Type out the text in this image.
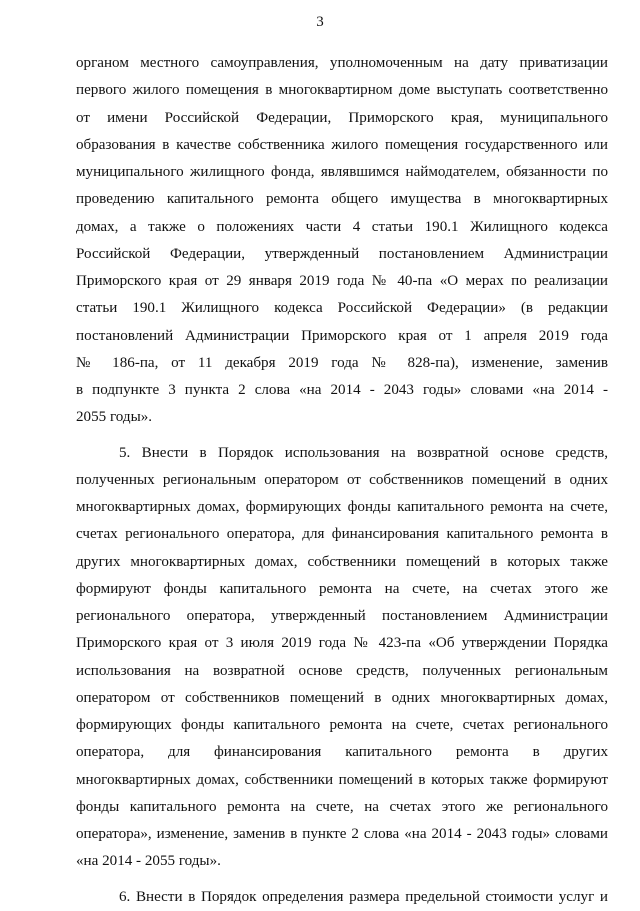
3
органом местного самоуправления, уполномоченным на дату приватизации
первого жилого помещения в многоквартирном доме выступать соответственно
от имени Российской Федерации, Приморского края, муниципального
образования в качестве собственника жилого помещения государственного или
муниципального жилищного фонда, являвшимся наймодателем, обязанности по
проведению капитального ремонта общего имущества в многоквартирных
домах, а также о положениях части 4 статьи 190.1 Жилищного кодекса
Российской Федерации, утвержденный постановлением Администрации
Приморского края от 29 января 2019 года № 40-па «О мерах по реализации
статьи 190.1 Жилищного кодекса Российской Федерации» (в редакции
постановлений Администрации Приморского края от 1 апреля 2019 года
№ 186-па, от 11 декабря 2019 года № 828-па), изменение, заменив
в подпункте 3 пункта 2 слова «на 2014 - 2043 годы» словами «на 2014 -
2055 годы».
5. Внести в Порядок использования на возвратной основе средств,
полученных региональным оператором от собственников помещений в одних
многоквартирных домах, формирующих фонды капитального ремонта на счете,
счетах регионального оператора, для финансирования капитального ремонта в
других многоквартирных домах, собственники помещений в которых также
формируют фонды капитального ремонта на счете, на счетах этого же
регионального оператора, утвержденный постановлением Администрации
Приморского края от 3 июля 2019 года № 423-па «Об утверждении Порядка
использования на возвратной основе средств, полученных региональным
оператором от собственников помещений в одних многоквартирных домах,
формирующих фонды капитального ремонта на счете, счетах регионального
оператора, для финансирования капитального ремонта в других
многоквартирных домах, собственники помещений в которых также формируют
фонды капитального ремонта на счете, на счетах этого же регионального
оператора», изменение, заменив в пункте 2 слова «на 2014 - 2043 годы» словами
«на 2014 - 2055 годы».
6. Внести в Порядок определения размера предельной стоимости услуг и
